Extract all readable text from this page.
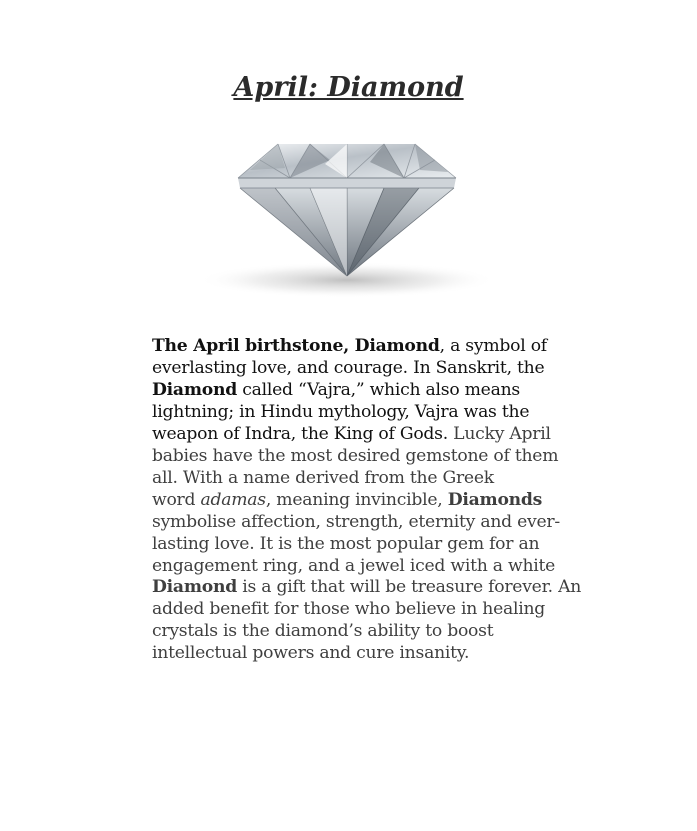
April: Diamond

The April birthstone, Diamond, a symbol of everlasting love, and courage. In Sanskrit, the Diamond called “Vajra,” which also means lightning; in Hindu mythology, Vajra was the weapon of Indra, the King of Gods. Lucky April babies have the most desired gemstone of them all. With a name derived from the Greek word adamas, meaning invincible, Diamonds symbolise affection, strength, eternity and ever-lasting love. It is the most popular gem for an engagement ring, and a jewel iced with a white Diamond is a gift that will be treasure forever. An added benefit for those who believe in healing crystals is the diamond’s ability to boost intellectual powers and cure insanity.
